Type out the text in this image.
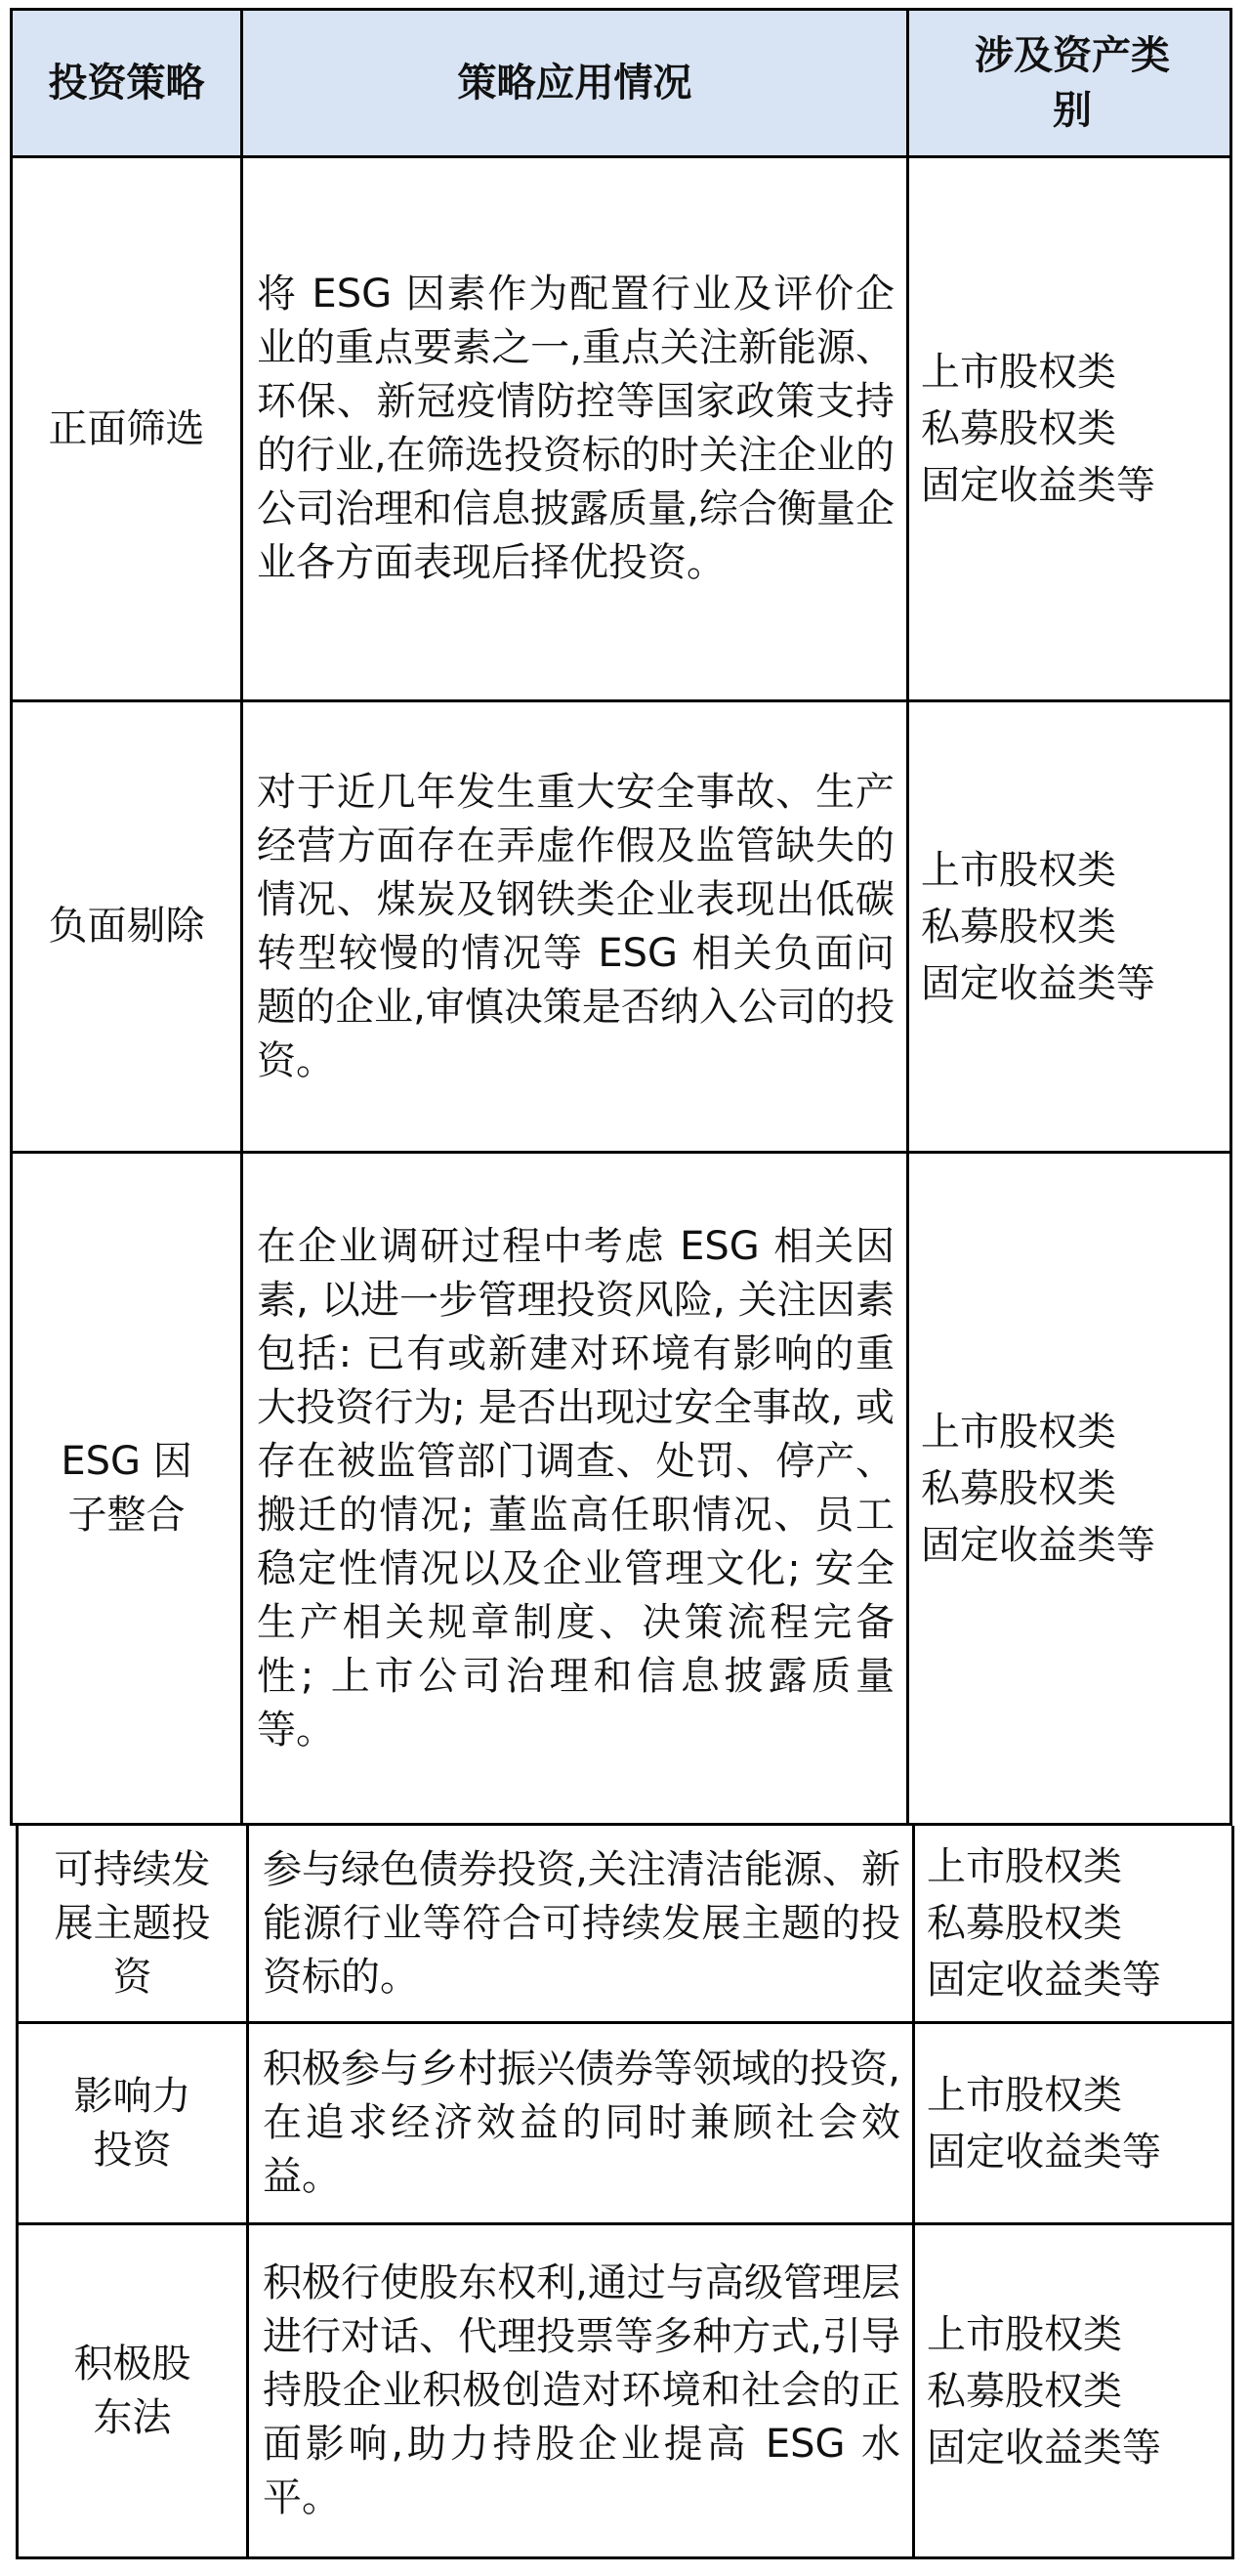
投资策略	策略应用情况
涉及资产类别
正面筛选
将 ESG 因素作为配置行业及评价企业的重点要素之一,重点关注新能源、环保、新冠疫情防控等国家政策支持的行业,在筛选投资标的时关注企业的公司治理和信息披露质量,综合衡量企业各方面表现后择优投资。
上市股权类
私募股权类
固定收益类等
负面剔除
对于近几年发生重大安全事故、生产经营方面存在弄虚作假及监管缺失的情况、煤炭及钢铁类企业表现出低碳转型较慢的情况等 ESG 相关负面问题的企业,审慎决策是否纳入公司的投资。
上市股权类
私募股权类
固定收益类等
ESG 因子整合
在企业调研过程中考虑 ESG 相关因素, 以进一步管理投资风险, 关注因素包括: 已有或新建对环境有影响的重大投资行为; 是否出现过安全事故, 或存在被监管部门调查、处罚、停产、搬迁的情况; 董监高任职情况、员工稳定性情况以及企业管理文化; 安全生产相关规章制度、决策流程完备性; 上市公司治理和信息披露质量等。
上市股权类
私募股权类
固定收益类等
可持续发展主题投资
参与绿色债券投资,关注清洁能源、新能源行业等符合可持续发展主题的投资标的。
上市股权类
私募股权类
固定收益类等
影响力投资
积极参与乡村振兴债券等领域的投资,在追求经济效益的同时兼顾社会效益。
上市股权类
固定收益类等
积极股东法
积极行使股东权利,通过与高级管理层进行对话、代理投票等多种方式,引导持股企业积极创造对环境和社会的正面影响,助力持股企业提高 ESG 水平。
上市股权类
私募股权类
固定收益类等
